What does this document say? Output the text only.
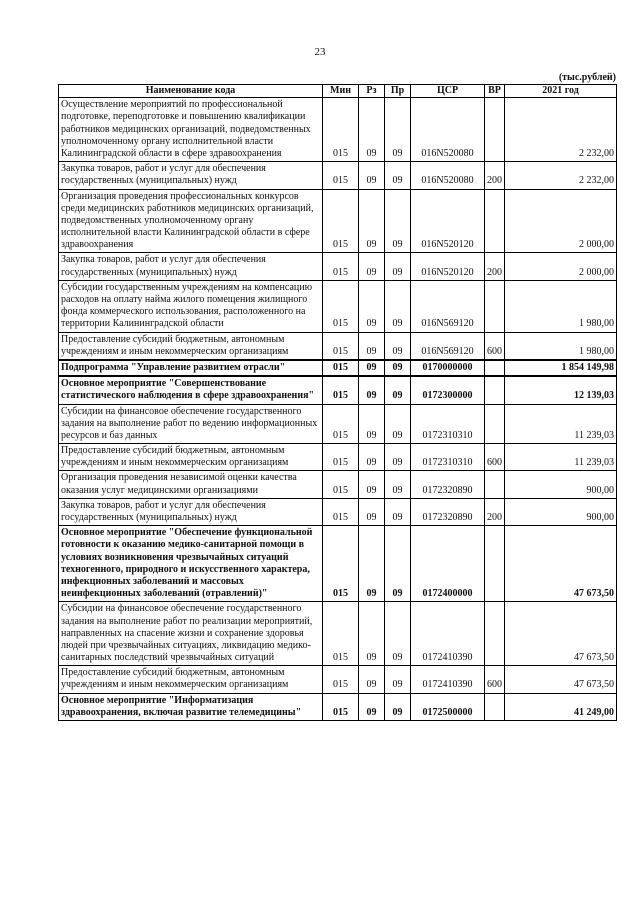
23
(тыс.рублей)
Наименование кода	Мин	Рз	Пр	ЦСР	ВР	2021 год
Осуществление мероприятий по профессиональной подготовке, переподготовке и повышению квалификации работников медицинских организаций, подведомственных уполномоченному органу исполнительной власти Калининградской области в сфере здравоохранения	015	09	09	016N520080		2 232,00
Закупка товаров, работ и услуг для обеспечения государственных (муниципальных) нужд	015	09	09	016N520080	200	2 232,00
Организация проведения профессиональных конкурсов среди медицинских работников медицинских организаций, подведомственных уполномоченному органу исполнительной власти Калининградской области в сфере здравоохранения	015	09	09	016N520120		2 000,00
Закупка товаров, работ и услуг для обеспечения государственных (муниципальных) нужд	015	09	09	016N520120	200	2 000,00
Субсидии государственным учреждениям на компенсацию расходов на оплату найма жилого помещения жилищного фонда коммерческого использования, расположенного на территории Калининградской области	015	09	09	016N569120		1 980,00
Предоставление субсидий бюджетным, автономным учреждениям и иным некоммерческим организациям	015	09	09	016N569120	600	1 980,00
Подпрограмма "Управление развитием отрасли"	015	09	09	0170000000		1 854 149,98
Основное мероприятие "Совершенствование статистического наблюдения в сфере здравоохранения"	015	09	09	0172300000		12 139,03
Субсидии на финансовое обеспечение государственного задания на выполнение работ по ведению информационных ресурсов и баз данных	015	09	09	0172310310		11 239,03
Предоставление субсидий бюджетным, автономным учреждениям и иным некоммерческим организациям	015	09	09	0172310310	600	11 239,03
Организация проведения независимой оценки качества оказания услуг медицинскими организациями	015	09	09	0172320890		900,00
Закупка товаров, работ и услуг для обеспечения государственных (муниципальных) нужд	015	09	09	0172320890	200	900,00
Основное мероприятие "Обеспечение функциональной готовности к оказанию медико-санитарной помощи в условиях возникновения чрезвычайных ситуаций техногенного, природного и искусственного характера, инфекционных заболеваний и массовых неинфекционных заболеваний (отравлений)"	015	09	09	0172400000		47 673,50
Субсидии на финансовое обеспечение государственного задания на выполнение работ по реализации мероприятий, направленных на спасение жизни и сохранение здоровья людей при чрезвычайных ситуациях, ликвидацию медико-санитарных последствий чрезвычайных ситуаций	015	09	09	0172410390		47 673,50
Предоставление субсидий бюджетным, автономным учреждениям и иным некоммерческим организациям	015	09	09	0172410390	600	47 673,50
Основное мероприятие "Информатизация здравоохранения, включая развитие телемедицины"	015	09	09	0172500000		41 249,00
